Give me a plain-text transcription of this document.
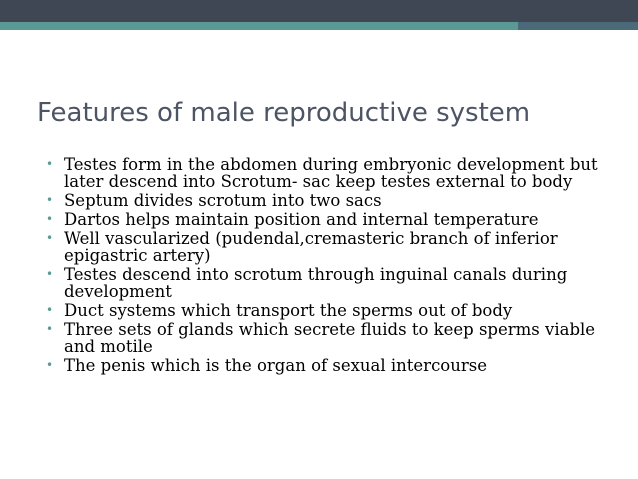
Features of male reproductive system
• Testes form in the abdomen during embryonic development but later descend into Scrotum- sac keep testes external to body
• Septum divides scrotum into two sacs
• Dartos helps maintain position and internal temperature
• Well vascularized (pudendal,cremasteric branch of inferior epigastric artery)
• Testes descend into scrotum through inguinal canals during development
• Duct systems which transport the sperms out of body
• Three sets of glands which secrete fluids to keep sperms viable and motile
• The penis which is the organ of sexual intercourse
